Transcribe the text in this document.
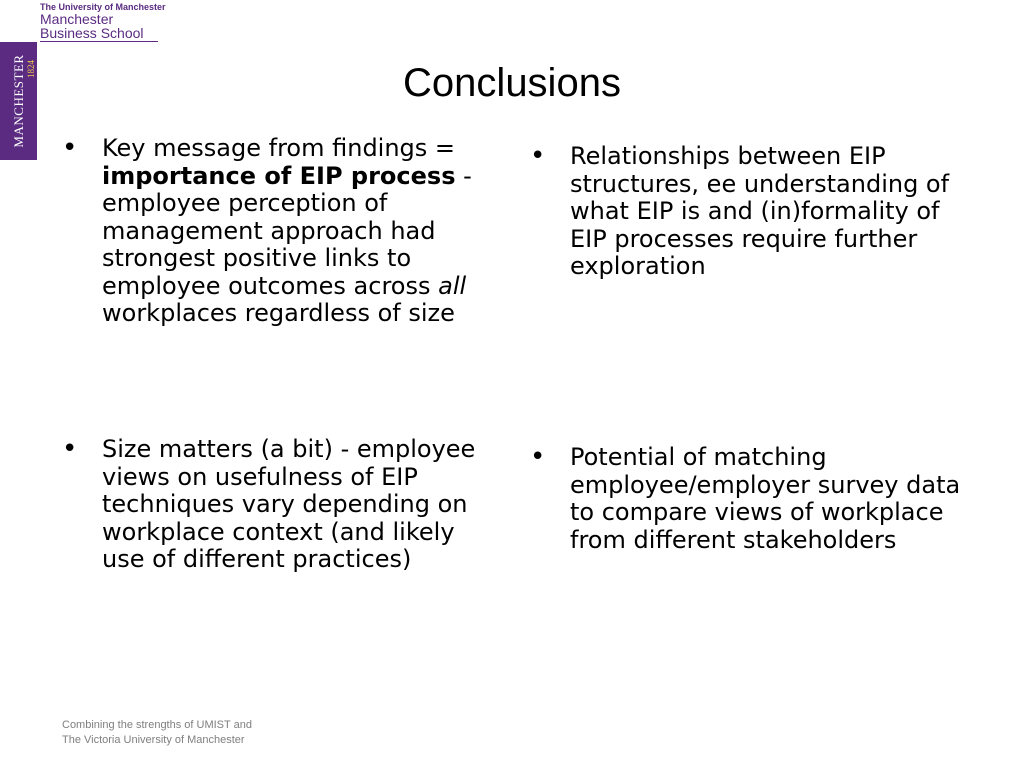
The University of Manchester
Manchester
Business School
MANCHESTER 1824	Conclusions
• Key message from findings = importance of EIP process -employee perception of management approach had strongest positive links to employee outcomes across all workplaces regardless of size
• Size matters (a bit) - employee views on usefulness of EIP techniques vary depending on workplace context (and likely use of different practices)
• Relationships between EIP structures, ee understanding of what EIP is and (in)formality of EIP processes require further exploration
• Potential of matching employee/employer survey data to compare views of workplace from different stakeholders
Combining the strengths of UMIST and
The Victoria University of Manchester
